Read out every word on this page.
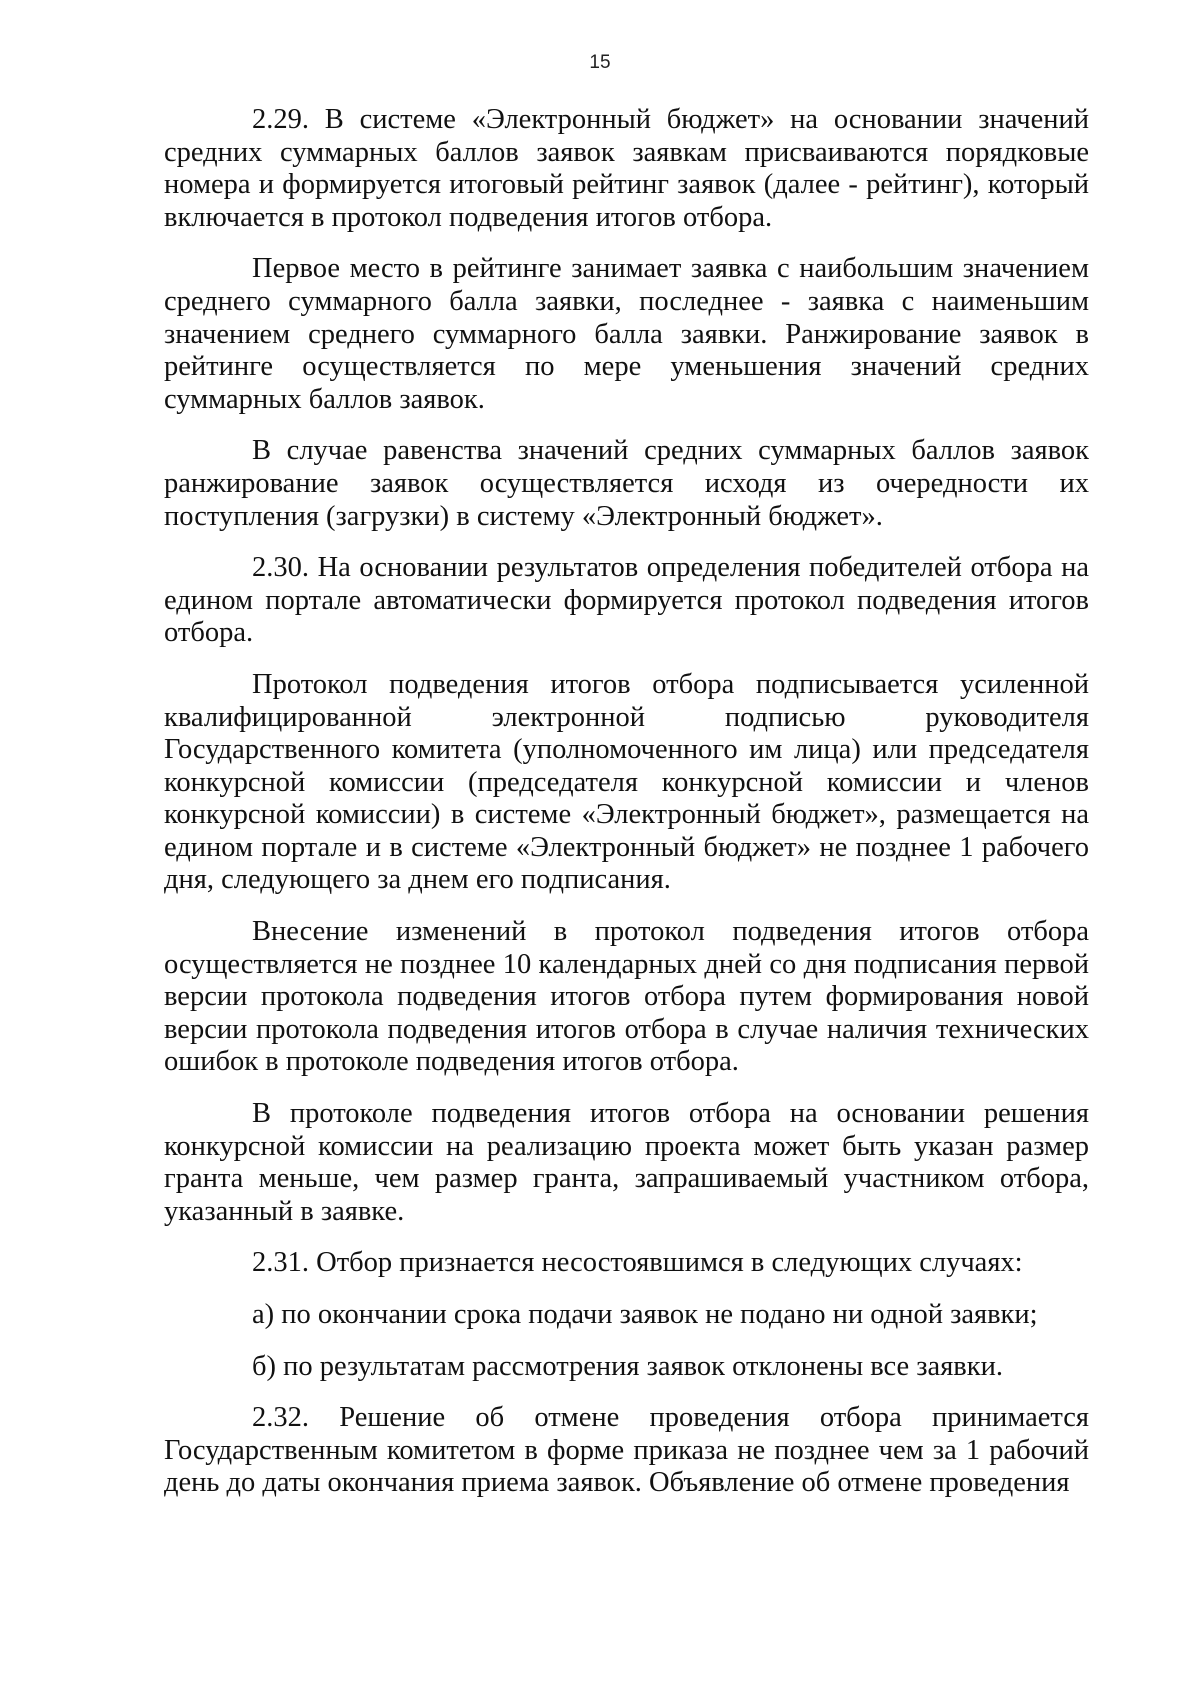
15

2.29. В системе «Электронный бюджет» на основании значений средних суммарных баллов заявок заявкам присваиваются порядковые номера и формируется итоговый рейтинг заявок (далее - рейтинг), который включается в протокол подведения итогов отбора.

Первое место в рейтинге занимает заявка с наибольшим значением среднего суммарного балла заявки, последнее - заявка с наименьшим значением среднего суммарного балла заявки. Ранжирование заявок в рейтинге осуществляется по мере уменьшения значений средних суммарных баллов заявок.

В случае равенства значений средних суммарных баллов заявок ранжирование заявок осуществляется исходя из очередности их поступления (загрузки) в систему «Электронный бюджет».

2.30. На основании результатов определения победителей отбора на едином портале автоматически формируется протокол подведения итогов отбора.

Протокол подведения итогов отбора подписывается усиленной квалифицированной электронной подписью руководителя Государственного комитета (уполномоченного им лица) или председателя конкурсной комиссии (председателя конкурсной комиссии и членов конкурсной комиссии) в системе «Электронный бюджет», размещается на едином портале и в системе «Электронный бюджет» не позднее 1 рабочего дня, следующего за днем его подписания.

Внесение изменений в протокол подведения итогов отбора осуществляется не позднее 10 календарных дней со дня подписания первой версии протокола подведения итогов отбора путем формирования новой версии протокола подведения итогов отбора в случае наличия технических ошибок в протоколе подведения итогов отбора.

В протоколе подведения итогов отбора на основании решения конкурсной комиссии на реализацию проекта может быть указан размер гранта меньше, чем размер гранта, запрашиваемый участником отбора, указанный в заявке.

2.31. Отбор признается несостоявшимся в следующих случаях:

а) по окончании срока подачи заявок не подано ни одной заявки;

б) по результатам рассмотрения заявок отклонены все заявки.

2.32. Решение об отмене проведения отбора принимается Государственным комитетом в форме приказа не позднее чем за 1 рабочий день до даты окончания приема заявок. Объявление об отмене проведения
